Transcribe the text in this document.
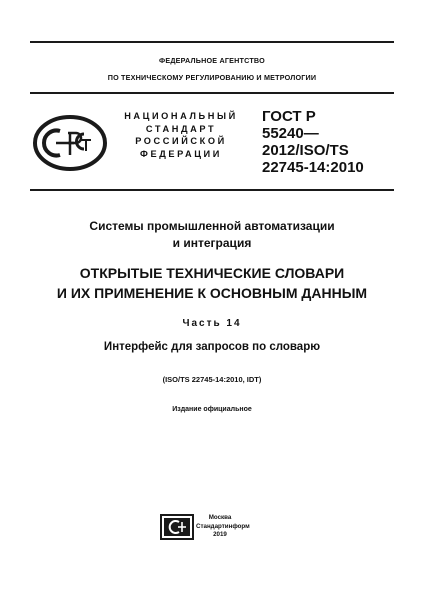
ФЕДЕРАЛЬНОЕ АГЕНТСТВО
ПО ТЕХНИЧЕСКОМУ РЕГУЛИРОВАНИЮ И МЕТРОЛОГИИ
НАЦИОНАЛЬНЫЙ
СТАНДАРТ
РОССИЙСКОЙ
ФЕДЕРАЦИИ
ГОСТ Р
55240—
2012/ISO/TS
22745-14:2010
Системы промышленной автоматизации
и интеграция
ОТКРЫТЫЕ ТЕХНИЧЕСКИЕ СЛОВАРИ
И ИХ ПРИМЕНЕНИЕ К ОСНОВНЫМ ДАННЫМ
Часть 14
Интерфейс для запросов по словарю
(ISO/TS 22745-14:2010, IDT)
Издание официальное
Москва
Стандартинформ
2019
